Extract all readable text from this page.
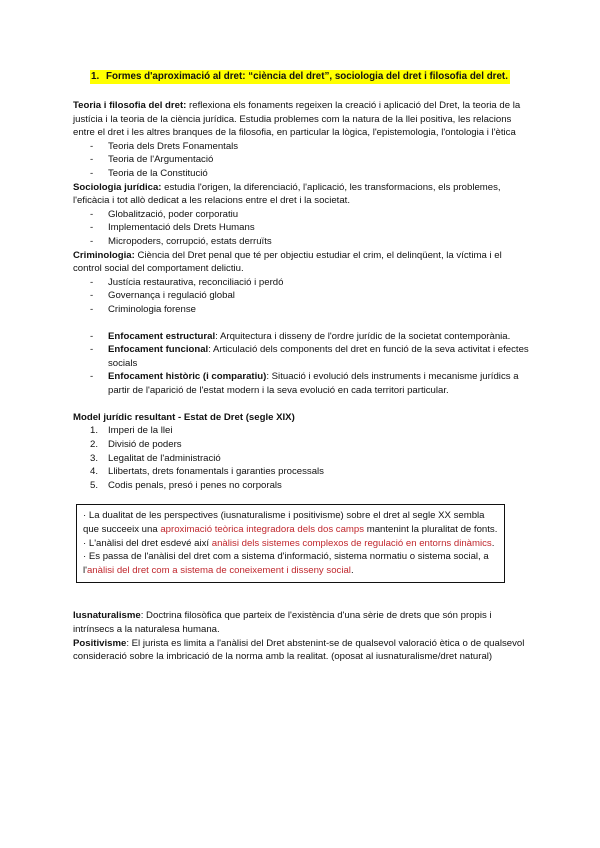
1. Formes d'aproximació al dret: “ciència del dret”, sociologia del dret i filosofia del dret.

Teoria i filosofia del dret: reflexiona els fonaments regeixen la creació i aplicació del Dret, la teoria de la justícia i la teoria de la ciència jurídica. Estudia problemes com la natura de la llei positiva, les relacions entre el dret i les altres branques de la filosofia, en particular la lògica, l'epistemologia, l'ontologia i l'ètica

- Teoria dels Drets Fonamentals
- Teoria de l'Argumentació
- Teoria de la Constitució

Sociologia jurídica: estudia l'origen, la diferenciació, l'aplicació, les transformacions, els problemes, l'eficàcia i tot allò dedicat a les relacions entre el dret i la societat.

- Globalització, poder corporatiu
- Implementació dels Drets Humans
- Micropoders, corrupció, estats derruïts

Criminologia: Ciència del Dret penal que té per objectiu estudiar el crim, el delinqüent, la víctima i el control social del comportament delictiu.

- Justícia restaurativa, reconciliació i perdó
- Governança i regulació global
- Criminologia forense
- Enfocament estructural: Arquitectura i disseny de l'ordre jurídic de la societat contemporània.
- Enfocament funcional: Articulació dels components del dret en funció de la seva activitat i efectes socials
- Enfocament històric (i comparatiu): Situació i evolució dels instruments i mecanisme jurídics a partir de l'aparició de l'estat modern i la seva evolució en cada territori particular.

Model jurídic resultant - Estat de Dret (segle XIX)

1. Imperi de la llei
2. Divisió de poders
3. Legalitat de l'administració
4. Llibertats, drets fonamentals i garanties processals
5. Codis penals, presó i penes no corporals

· La dualitat de les perspectives (iusnaturalisme i positivisme) sobre el dret al segle XX sembla que succeeix una aproximació teòrica integradora dels dos camps mantenint la pluralitat de fonts.

· L'anàlisi del dret esdevé així anàlisi dels sistemes complexos de regulació en entorns dinàmics.

· Es passa de l'anàlisi del dret com a sistema d'informació, sistema normatiu o sistema social, a l'anàlisi del dret com a sistema de coneixement i disseny social.

Iusnaturalisme: Doctrina filosòfica que parteix de l'existència d'una sèrie de drets que són propis i intrínsecs a la naturalesa humana.

Positivisme: El jurista es limita a l'anàlisi del Dret abstenint-se de qualsevol valoració ètica o de qualsevol consideració sobre la imbricació de la norma amb la realitat. (oposat al iusnaturalisme/dret natural)
